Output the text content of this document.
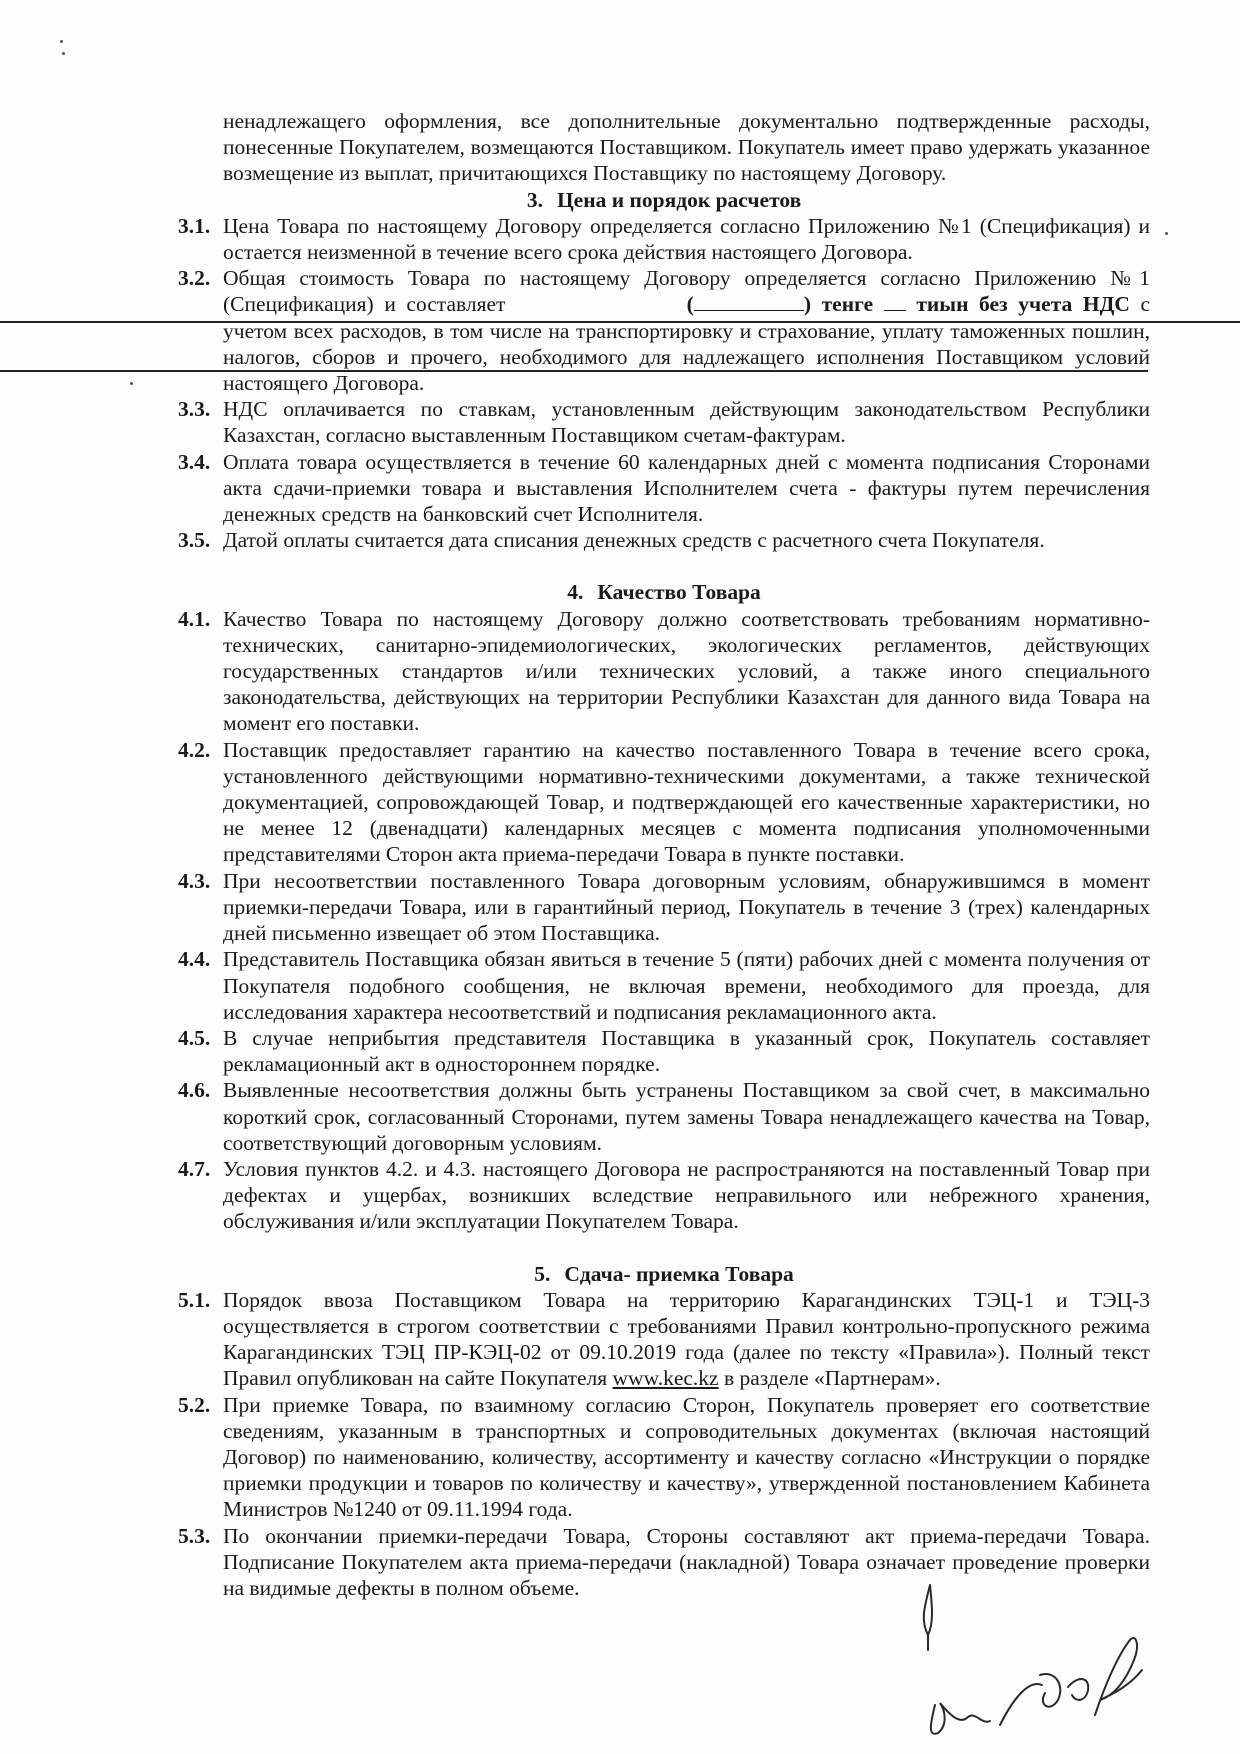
ненадлежащего оформления, все дополнительные документально подтвержденные расходы, понесенные Покупателем, возмещаются Поставщиком. Покупатель имеет право удержать указанное возмещение из выплат, причитающихся Поставщику по настоящему Договору.

3. Цена и порядок расчетов

3.1. Цена Товара по настоящему Договору определяется согласно Приложению №1 (Спецификация) и остается неизменной в течение всего срока действия настоящего Договора.
3.2. Общая стоимость Товара по настоящему Договору определяется согласно Приложению №1 (Спецификация) и составляет	(	) тенге тиын без учета НДС с учетом всех расходов, в том числе на транспортировку и страхование, уплату таможенных пошлин, налогов, сборов и прочего, необходимого для надлежащего исполнения Поставщиком условий настоящего Договора.
3.3. НДС оплачивается по ставкам, установленным действующим законодательством Республики Казахстан, согласно выставленным Поставщиком счетам-фактурам.
3.4. Оплата товара осуществляется в течение 60 календарных дней с момента подписания Сторонами акта сдачи-приемки товара и выставления Исполнителем счета - фактуры путем перечисления денежных средств на банковский счет Исполнителя.
3.5. Датой оплаты считается дата списания денежных средств с расчетного счета Покупателя.

4. Качество Товара

4.1. Качество Товара по настоящему Договору должно соответствовать требованиям нормативно-технических, санитарно-эпидемиологических, экологических регламентов, действующих государственных стандартов и/или технических условий, а также иного специального законодательства, действующих на территории Республики Казахстан для данного вида Товара на момент его поставки.
4.2. Поставщик предоставляет гарантию на качество поставленного Товара в течение всего срока, установленного действующими нормативно-техническими документами, а также технической документацией, сопровождающей Товар, и подтверждающей его качественные характеристики, но не менее 12 (двенадцати) календарных месяцев с момента подписания уполномоченными представителями Сторон акта приема-передачи Товара в пункте поставки.
4.3. При несоответствии поставленного Товара договорным условиям, обнаружившимся в момент приемки-передачи Товара, или в гарантийный период, Покупатель в течение 3 (трех) календарных дней письменно извещает об этом Поставщика.
4.4. Представитель Поставщика обязан явиться в течение 5 (пяти) рабочих дней с момента получения от Покупателя подобного сообщения, не включая времени, необходимого для проезда, для исследования характера несоответствий и подписания рекламационного акта.
4.5. В случае неприбытия представителя Поставщика в указанный срок, Покупатель составляет рекламационный акт в одностороннем порядке.
4.6. Выявленные несоответствия должны быть устранены Поставщиком за свой счет, в максимально короткий срок, согласованный Сторонами, путем замены Товара ненадлежащего качества на Товар, соответствующий договорным условиям.
4.7. Условия пунктов 4.2. и 4.3. настоящего Договора не распространяются на поставленный Товар при дефектах и ущербах, возникших вследствие неправильного или небрежного хранения, обслуживания и/или эксплуатации Покупателем Товара.

5. Сдача- приемка Товара

5.1. Порядок ввоза Поставщиком Товара на территорию Карагандинских ТЭЦ-1 и ТЭЦ-3 осуществляется в строгом соответствии с требованиями Правил контрольно-пропускного режима Карагандинских ТЭЦ ПР-КЭЦ-02 от 09.10.2019 года (далее по тексту «Правила»). Полный текст Правил опубликован на сайте Покупателя www.kec.kz в разделе «Партнерам».
5.2. При приемке Товара, по взаимному согласию Сторон, Покупатель проверяет его соответствие сведениям, указанным в транспортных и сопроводительных документах (включая настоящий Договор) по наименованию, количеству, ассортименту и качеству согласно «Инструкции о порядке приемки продукции и товаров по количеству и качеству», утвержденной постановлением Кабинета Министров №1240 от 09.11.1994 года.
5.3. По окончании приемки-передачи Товара, Стороны составляют акт приема-передачи Товара. Подписание Покупателем акта приема-передачи (накладной) Товара означает проведение проверки на видимые дефекты в полном объеме.
